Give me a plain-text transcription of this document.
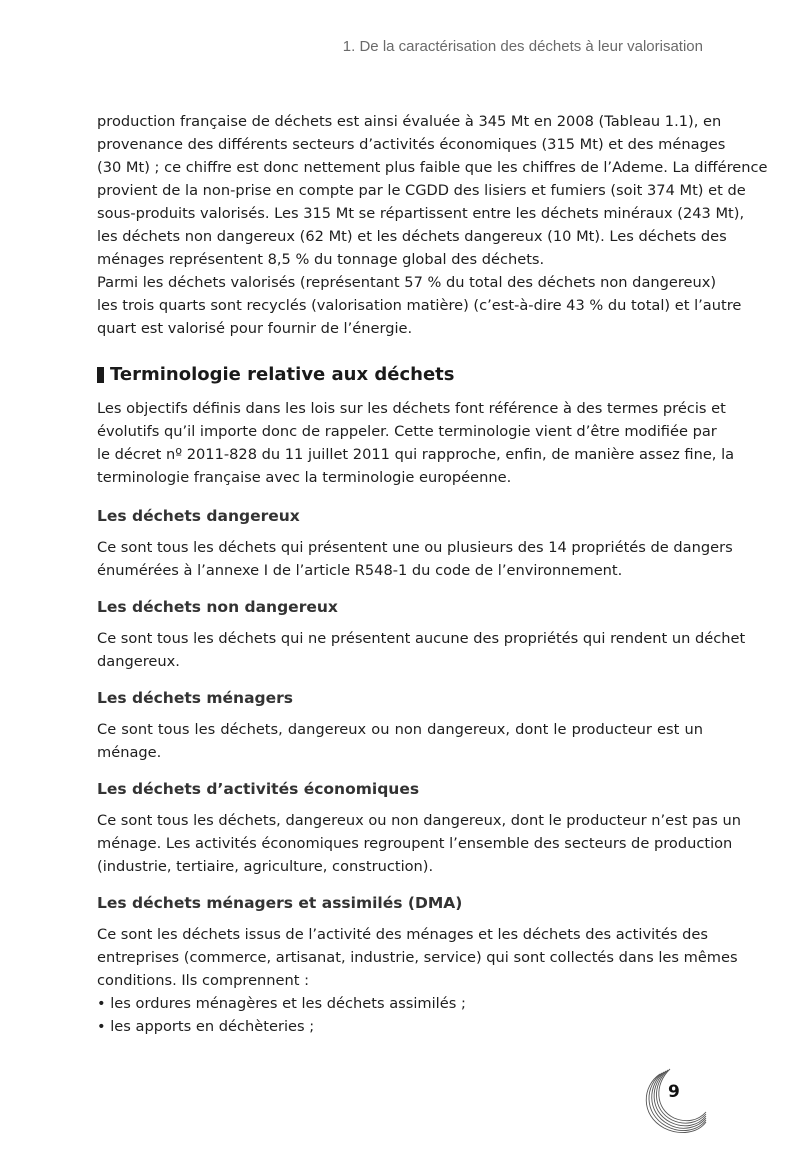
1. De la caractérisation des déchets à leur valorisation
production française de déchets est ainsi évaluée à 345 Mt en 2008 (Tableau 1.1), en
provenance des différents secteurs d’activités économiques (315 Mt) et des ménages
(30 Mt) ; ce chiffre est donc nettement plus faible que les chiffres de l’Ademe. La différence
provient de la non-prise en compte par le CGDD des lisiers et fumiers (soit 374 Mt) et de
sous-produits valorisés. Les 315 Mt se répartissent entre les déchets minéraux (243 Mt),
les déchets non dangereux (62 Mt) et les déchets dangereux (10 Mt). Les déchets des
ménages représentent 8,5 % du tonnage global des déchets.
Parmi les déchets valorisés (représentant 57 % du total des déchets non dangereux)
les trois quarts sont recyclés (valorisation matière) (c’est-à-dire 43 % du total) et l’autre
quart est valorisé pour fournir de l’énergie.
Terminologie relative aux déchets
Les objectifs définis dans les lois sur les déchets font référence à des termes précis et
évolutifs qu’il importe donc de rappeler. Cette terminologie vient d’être modifiée par
le décret nº 2011-828 du 11 juillet 2011 qui rapproche, enfin, de manière assez fine, la
terminologie française avec la terminologie européenne.
Les déchets dangereux
Ce sont tous les déchets qui présentent une ou plusieurs des 14 propriétés de dangers
énumérées à l’annexe I de l’article R548-1 du code de l’environnement.
Les déchets non dangereux
Ce sont tous les déchets qui ne présentent aucune des propriétés qui rendent un déchet
dangereux.
Les déchets ménagers
Ce sont tous les déchets, dangereux ou non dangereux, dont le producteur est un
ménage.
Les déchets d’activités économiques
Ce sont tous les déchets, dangereux ou non dangereux, dont le producteur n’est pas un
ménage. Les activités économiques regroupent l’ensemble des secteurs de production
(industrie, tertiaire, agriculture, construction).
Les déchets ménagers et assimilés (DMA)
Ce sont les déchets issus de l’activité des ménages et les déchets des activités des
entreprises (commerce, artisanat, industrie, service) qui sont collectés dans les mêmes
conditions. Ils comprennent :
• les ordures ménagères et les déchets assimilés ;
• les apports en déchèteries ;
9
